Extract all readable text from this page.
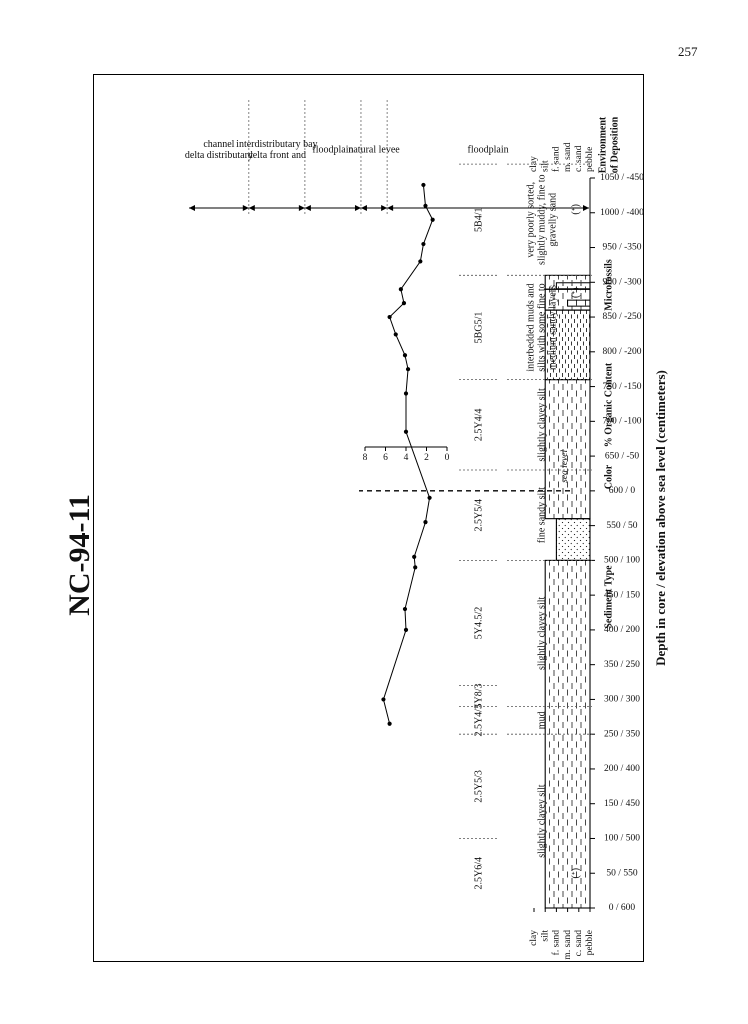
257
0 / 600
50 / 550
100 / 500
150 / 450
200 / 400
250 / 350
300 / 300
350 / 250
400 / 200
450 / 150
500 / 100
550 / 50
600 / 0
650 / -50
700 / -100
750 / -150
800 / -200
850 / -250
900 / -300
950 / -350
1000 / -400
1050 / -450
Depth in core / elevation above sea level (centimeters)
pebble
pebble
c. sand
c. sand
m. sand
m. sand
f. sand
f. sand
silt
silt
clay
clay
sea level
(ᐩ)
(ᐩ)
(ᐩ)
Sediment Type
Color
% Organic Content
Microfossils
Environment of Deposition
slightly clayey silt
mud
slightly clayey silt
fine sandy silt
slightly clayey silt
interbedded muds and silts with some fine to medium sandy layers
very poorly sorted, slightly muddy, fine to gravelly sand
2.5Y6/4
2.5Y5/3
2.5Y4/3
5Y8/3
5Y4.5/2
2.5Y5/4
2.5Y4/4
5BG5/1
5B4/1
0
2
4
6
8
floodplain
natural levee
floodplain
delta front and
interdistributary bay
delta distributary
channel
NC-94-11
